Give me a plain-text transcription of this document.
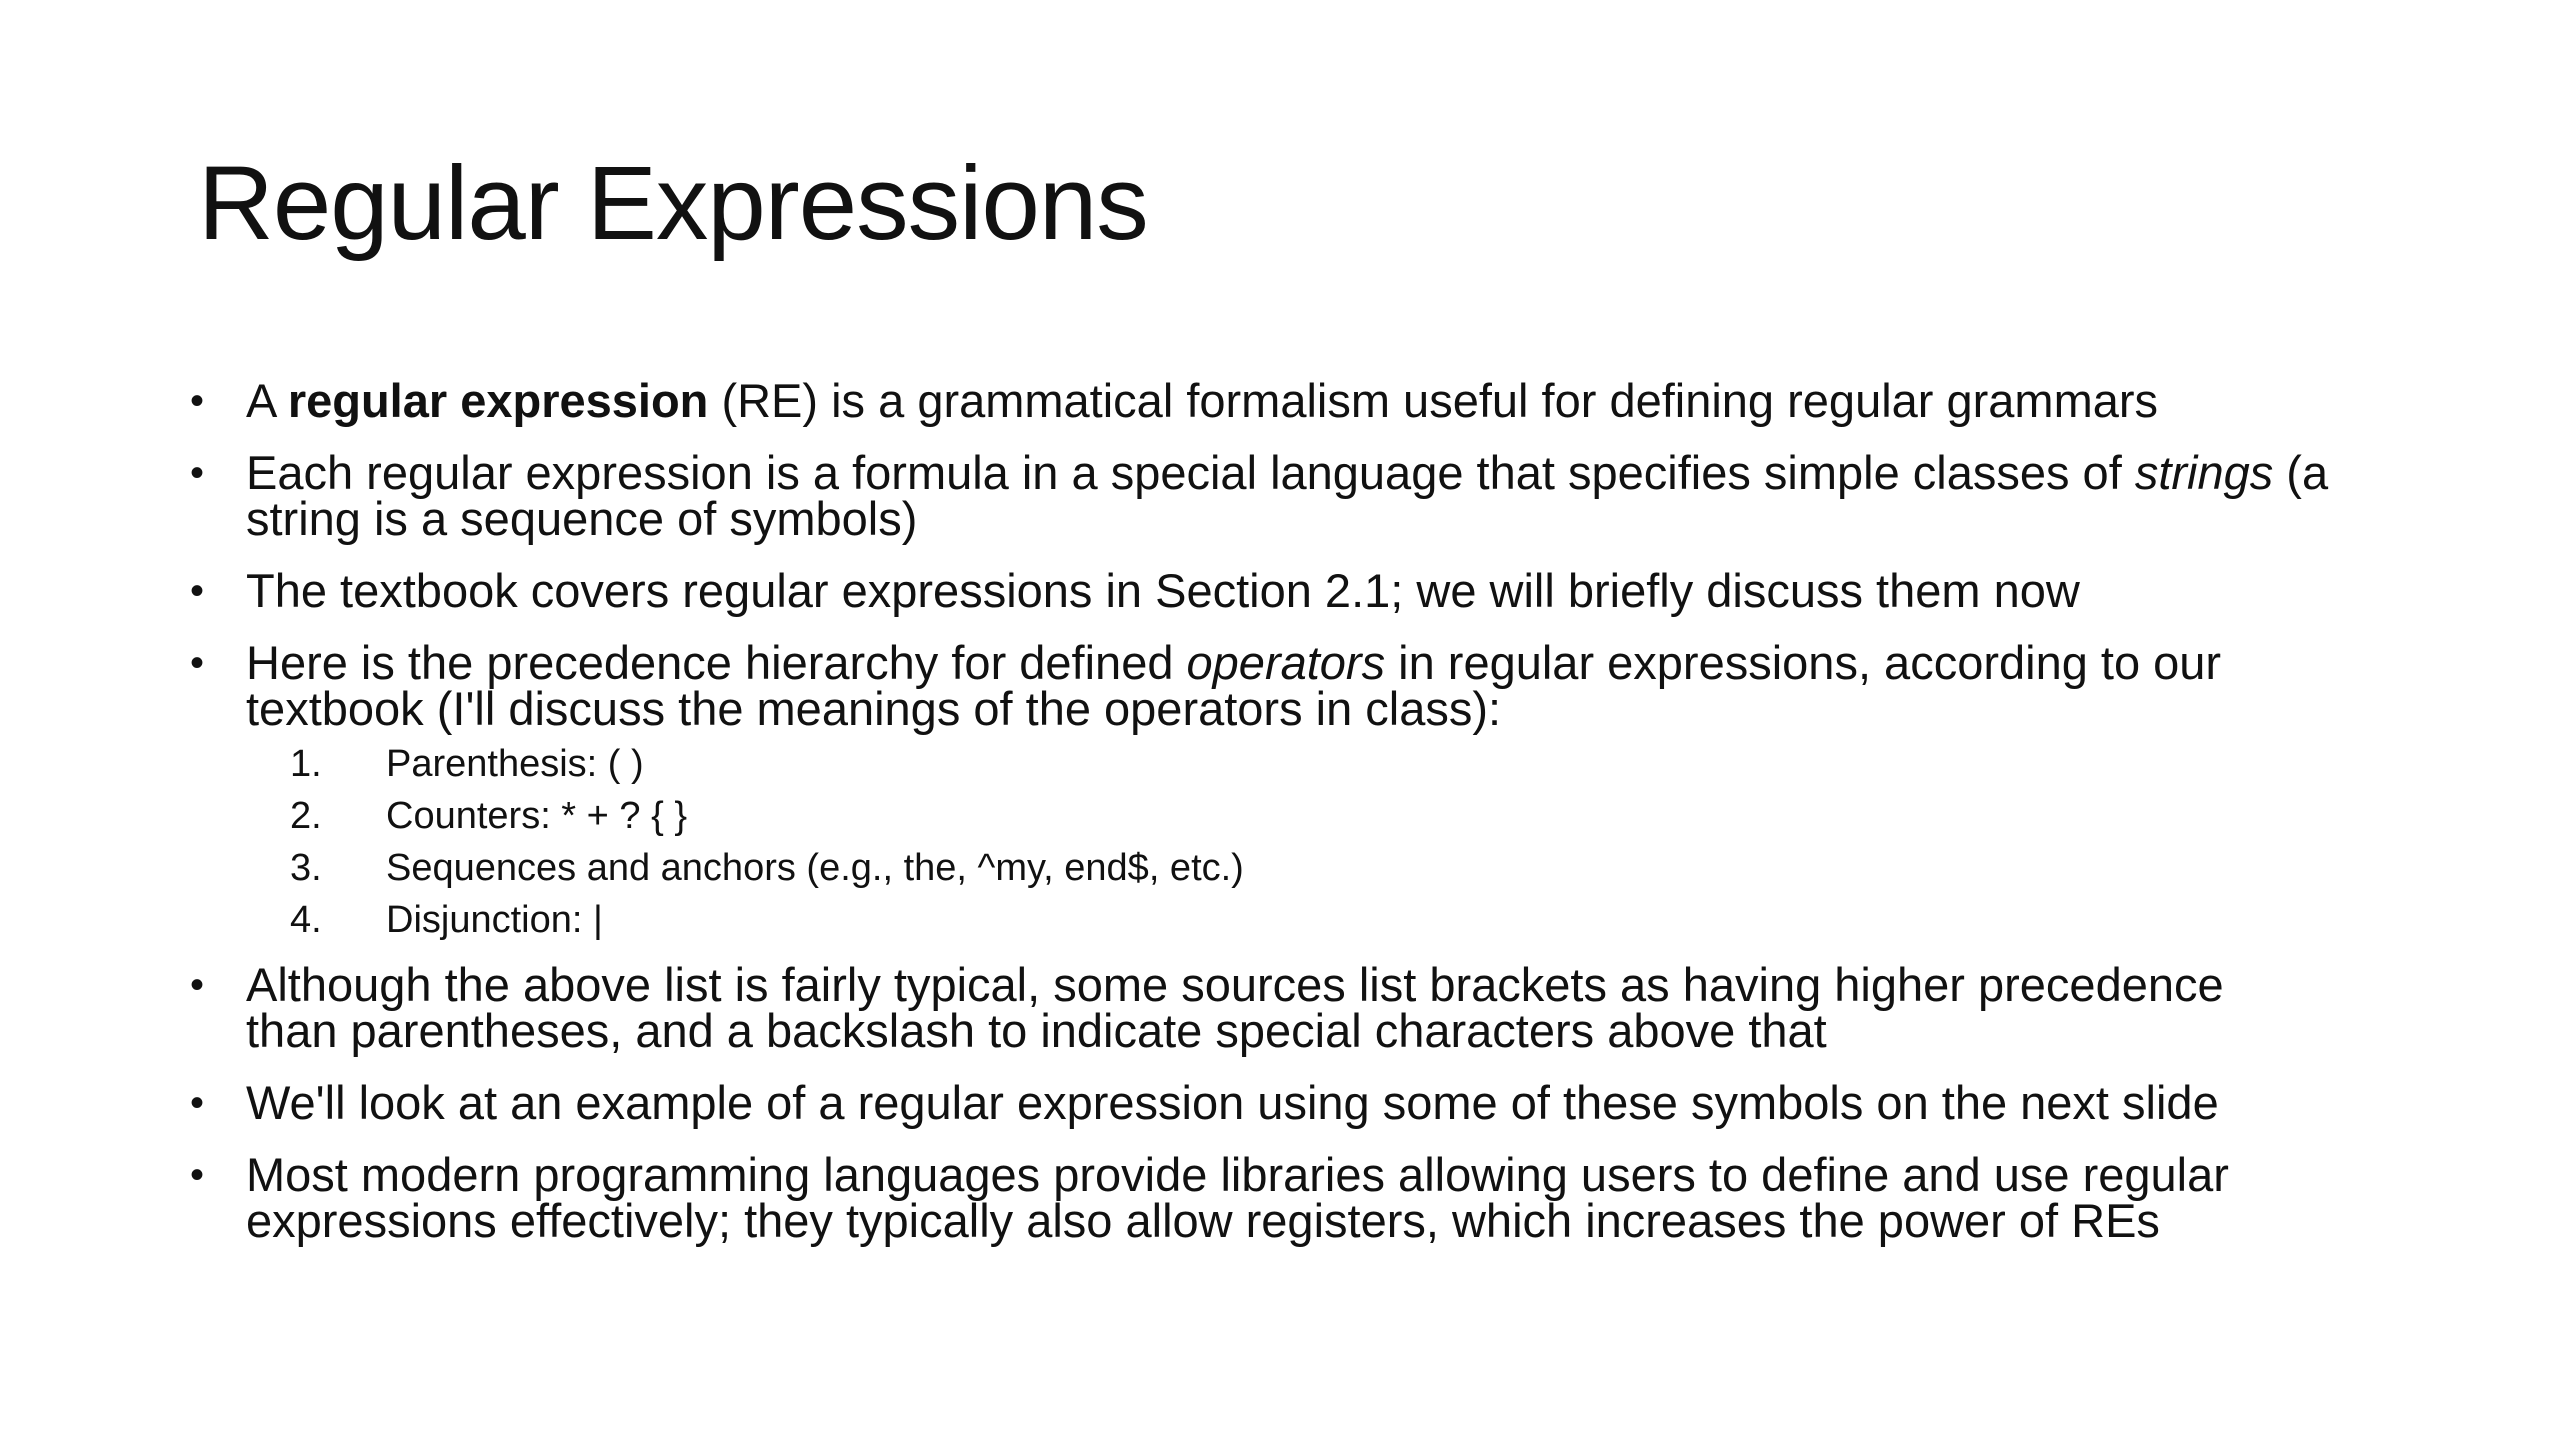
Regular Expressions
• A regular expression (RE) is a grammatical formalism useful for defining regular grammars
• Each regular expression is a formula in a special language that specifies simple classes of strings (a
string is a sequence of symbols)
• The textbook covers regular expressions in Section 2.1; we will briefly discuss them now
• Here is the precedence hierarchy for defined operators in regular expressions, according to our
textbook (I'll discuss the meanings of the operators in class):
1. Parenthesis: ( )
2. Counters: * + ? { }
3. Sequences and anchors (e.g., the, ^my, end$, etc.)
4. Disjunction: |
• Although the above list is fairly typical, some sources list brackets as having higher precedence
than parentheses, and a backslash to indicate special characters above that
• We'll look at an example of a regular expression using some of these symbols on the next slide
• Most modern programming languages provide libraries allowing users to define and use regular
expressions effectively; they typically also allow registers, which increases the power of REs
